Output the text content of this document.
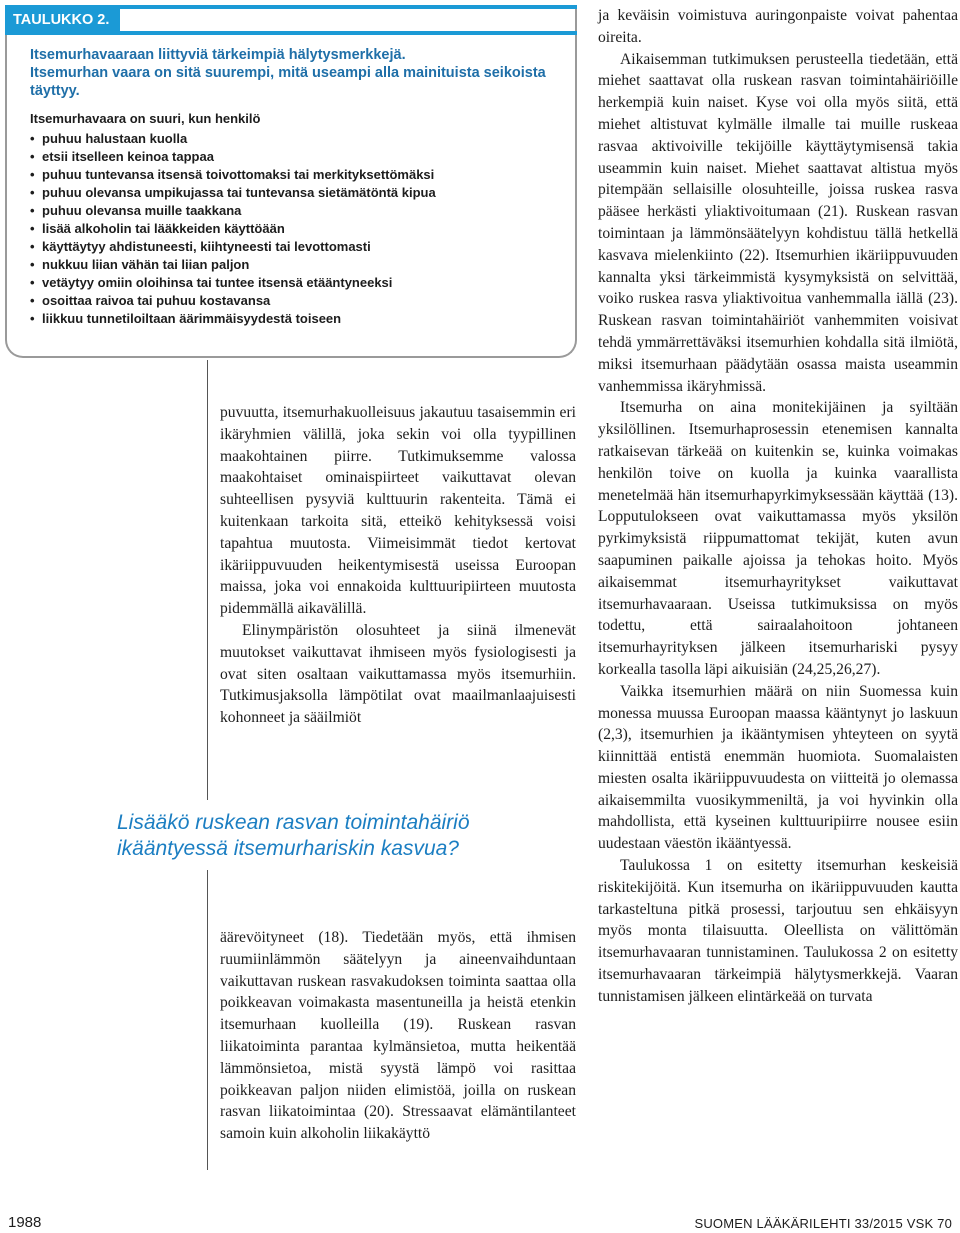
TAULUKKO 2.
Itsemurhavaaraan liittyviä tärkeimpiä hälytysmerkkejä.
Itsemurhan vaara on sitä suurempi, mitä useampi alla mainituista seikoista täyttyy.
Itsemurhavaara on suuri, kun henkilö
• puhuu halustaan kuolla
• etsii itselleen keinoa tappaa
• puhuu tuntevansa itsensä toivottomaksi tai merkityksettömäksi
• puhuu olevansa umpikujassa tai tuntevansa sietämätöntä kipua
• puhuu olevansa muille taakkana
• lisää alkoholin tai lääkkeiden käyttöään
• käyttäytyy ahdistuneesti, kiihtyneesti tai levottomasti
• nukkuu liian vähän tai liian paljon
• vetäytyy omiin oloihinsa tai tuntee itsensä etääntyneeksi
• osoittaa raivoa tai puhuu kostavansa
• liikkuu tunnetiloiltaan äärimmäisyydestä toiseen

puvuutta, itsemurhakuolleisuus jakautuu tasaisemmin eri ikäryhmien välillä, joka sekin voi olla tyypillinen maakohtainen piirre. Tutkimuksemme valossa maakohtaiset ominaispiirteet vaikuttavat olevan suhteellisen pysyviä kulttuurin rakenteita. Tämä ei kuitenkaan tarkoita sitä, etteikö kehityksessä voisi tapahtua muutosta. Viimeisimmät tiedot kertovat ikäriippuvuuden heikentymisestä useissa Euroopan maissa, joka voi ennakoida kulttuuripiirteen muutosta pidemmällä aikavälillä.

Elinympäristön olosuhteet ja siinä ilmenevät muutokset vaikuttavat ihmiseen myös fysiologisesti ja ovat siten osaltaan vaikuttamassa myös itsemurhiin. Tutkimusjaksolla lämpötilat ovat maailmanlaajuisesti kohonneet ja sääilmiöt

Lisääkö ruskean rasvan toimintahäiriö ikääntyessä itsemurhariskin kasvua?

äärevöityneet (18). Tiedetään myös, että ihmisen ruumiinlämmön säätelyyn ja aineenvaihduntaan vaikuttavan ruskean rasvakudoksen toiminta saattaa olla poikkeavan voimakasta masentuneilla ja heistä etenkin itsemurhaan kuolleilla (19). Ruskean rasvan liikatoiminta parantaa kylmänsietoa, mutta heikentää lämmönsietoa, mistä syystä lämpö voi rasittaa poikkeavan paljon niiden elimistöä, joilla on ruskean rasvan liikatoimintaa (20). Stressaavat elämäntilanteet samoin kuin alkoholin liikakäyttö

ja keväisin voimistuva auringonpaiste voivat pahentaa oireita.

Aikaisemman tutkimuksen perusteella tiedetään, että miehet saattavat olla ruskean rasvan toimintahäiriöille herkempiä kuin naiset. Kyse voi olla myös siitä, että miehet altistuvat kylmälle ilmalle tai muille ruskeaa rasvaa aktivoiville tekijöille käyttäytymisensä takia useammin kuin naiset. Miehet saattavat altistua myös pitempään sellaisille olosuhteille, joissa ruskea rasva pääsee herkästi yliaktivoitumaan (21). Ruskean rasvan toimintaan ja lämmönsäätelyyn kohdistuu tällä hetkellä kasvava mielenkiinto (22). Itsemurhien ikäriippuvuuden kannalta yksi tärkeimmistä kysymyksistä on selvittää, voiko ruskea rasva yliaktivoitua vanhemmalla iällä (23). Ruskean rasvan toimintahäiriöt vanhemmiten voisivat tehdä ymmärrettäväksi itsemurhien kohdalla sitä ilmiötä, miksi itsemurhaan päädytään osassa maista useammin vanhemmissa ikäryhmissä.

Itsemurha on aina monitekijäinen ja syiltään yksilöllinen. Itsemurhaprosessin etenemisen kannalta ratkaisevan tärkeää on kuitenkin se, kuinka voimakas henkilön toive on kuolla ja kuinka vaarallista menetelmää hän itsemurhapyrkimyksessään käyttää (13). Lopputulokseen ovat vaikuttamassa myös yksilön pyrkimyksistä riippumattomat tekijät, kuten avun saapuminen paikalle ajoissa ja tehokas hoito. Myös aikaisemmat itsemurhayritykset vaikuttavat itsemurhavaaraan. Useissa tutkimuksissa on myös todettu, että sairaalahoitoon johtaneen itsemurhayrityksen jälkeen itsemurhariski pysyy korkealla tasolla läpi aikuisiän (24,25,26,27).

Vaikka itsemurhien määrä on niin Suomessa kuin monessa muussa Euroopan maassa kääntynyt jo laskuun (2,3), itsemurhien ja ikääntymisen yhteyteen on syytä kiinnittää entistä enemmän huomiota. Suomalaisten miesten osalta ikäriippuvuudesta on viitteitä jo olemassa aikaisemmilta vuosikymmeniltä, ja voi hyvinkin olla mahdollista, että kyseinen kulttuuripiirre nousee esiin uudestaan väestön ikääntyessä.

Taulukossa 1 on esitetty itsemurhan keskeisiä riskitekijöitä. Kun itsemurha on ikäriippuvuuden kautta tarkasteltuna pitkä prosessi, tarjoutuu sen ehkäisyyn myös monta tilaisuutta. Oleellista on välittömän itsemurhavaaran tunnistaminen. Taulukossa 2 on esitetty itsemurhavaaran tärkeimpiä hälytysmerkkejä. Vaaran tunnistamisen jälkeen elintärkeää on turvata

1988	SUOMEN LÄÄKÄRILEHTI 33/2015 VSK 70
